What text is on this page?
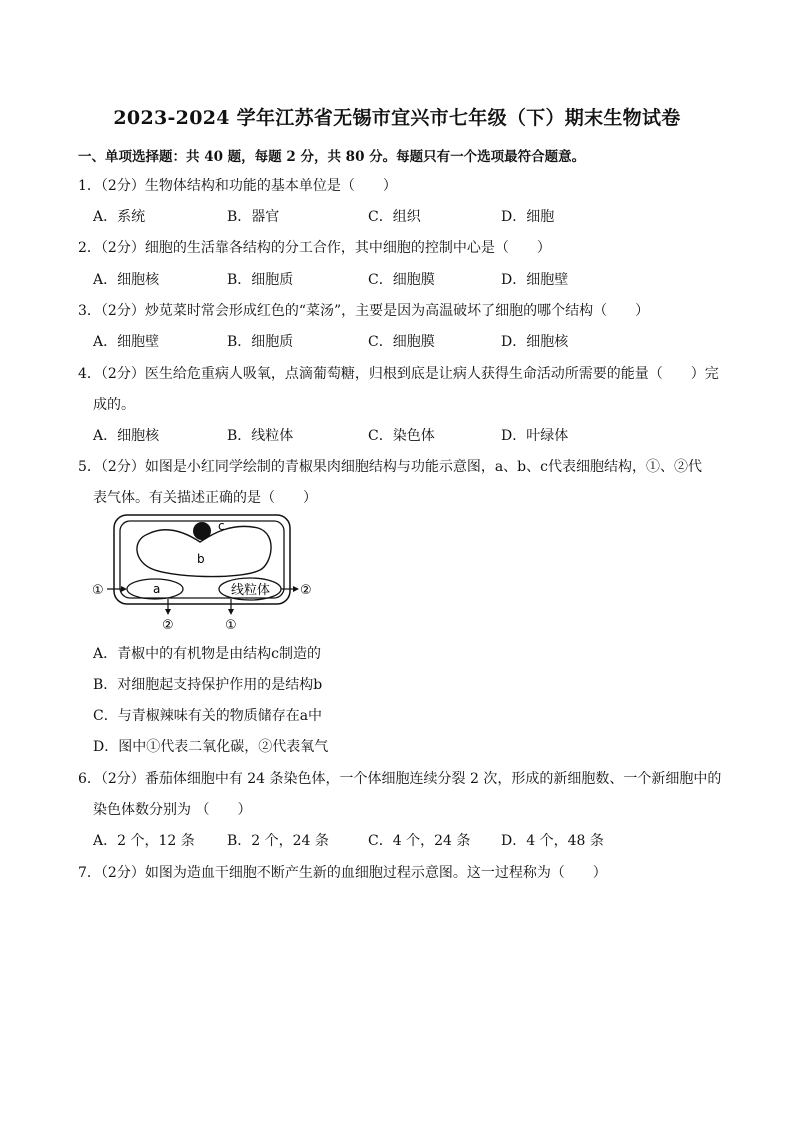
2023-2024 学年江苏省无锡市宜兴市七年级（下）期末生物试卷
一、单项选择题：共 40 题，每题 2 分，共 80 分。每题只有一个选项最符合题意。
1．（2分）生物体结构和功能的基本单位是（　　）
A．系统	B．器官	C．组织	D．细胞
2．（2分）细胞的生活靠各结构的分工合作，其中细胞的控制中心是（　　）
A．细胞核	B．细胞质	C．细胞膜	D．细胞壁
3．（2分）炒苋菜时常会形成红色的“菜汤”，主要是因为高温破坏了细胞的哪个结构（　　）
A．细胞壁	B．细胞质	C．细胞膜	D．细胞核
4．（2分）医生给危重病人吸氧，点滴葡萄糖，归根到底是让病人获得生命活动所需要的能量（　　）完
成的。
A．细胞核	B．线粒体	C．染色体	D．叶绿体
5．（2分）如图是小红同学绘制的青椒果肉细胞结构与功能示意图，a、b、c代表细胞结构，①、②代
表气体。有关描述正确的是（　　）
c
b
a	线粒体
①	②
②	①
A．青椒中的有机物是由结构c制造的
B．对细胞起支持保护作用的是结构b
C．与青椒辣味有关的物质储存在a中
D．图中①代表二氧化碳，②代表氧气
6．（2分）番茄体细胞中有 24 条染色体，一个体细胞连续分裂 2 次，形成的新细胞数、一个新细胞中的
染色体数分别为 （　　）
A．2 个，12 条 B．2 个，24 条	C．4 个，24 条 D．4 个，48 条
7．（2分）如图为造血干细胞不断产生新的血细胞过程示意图。这一过程称为（　　）
